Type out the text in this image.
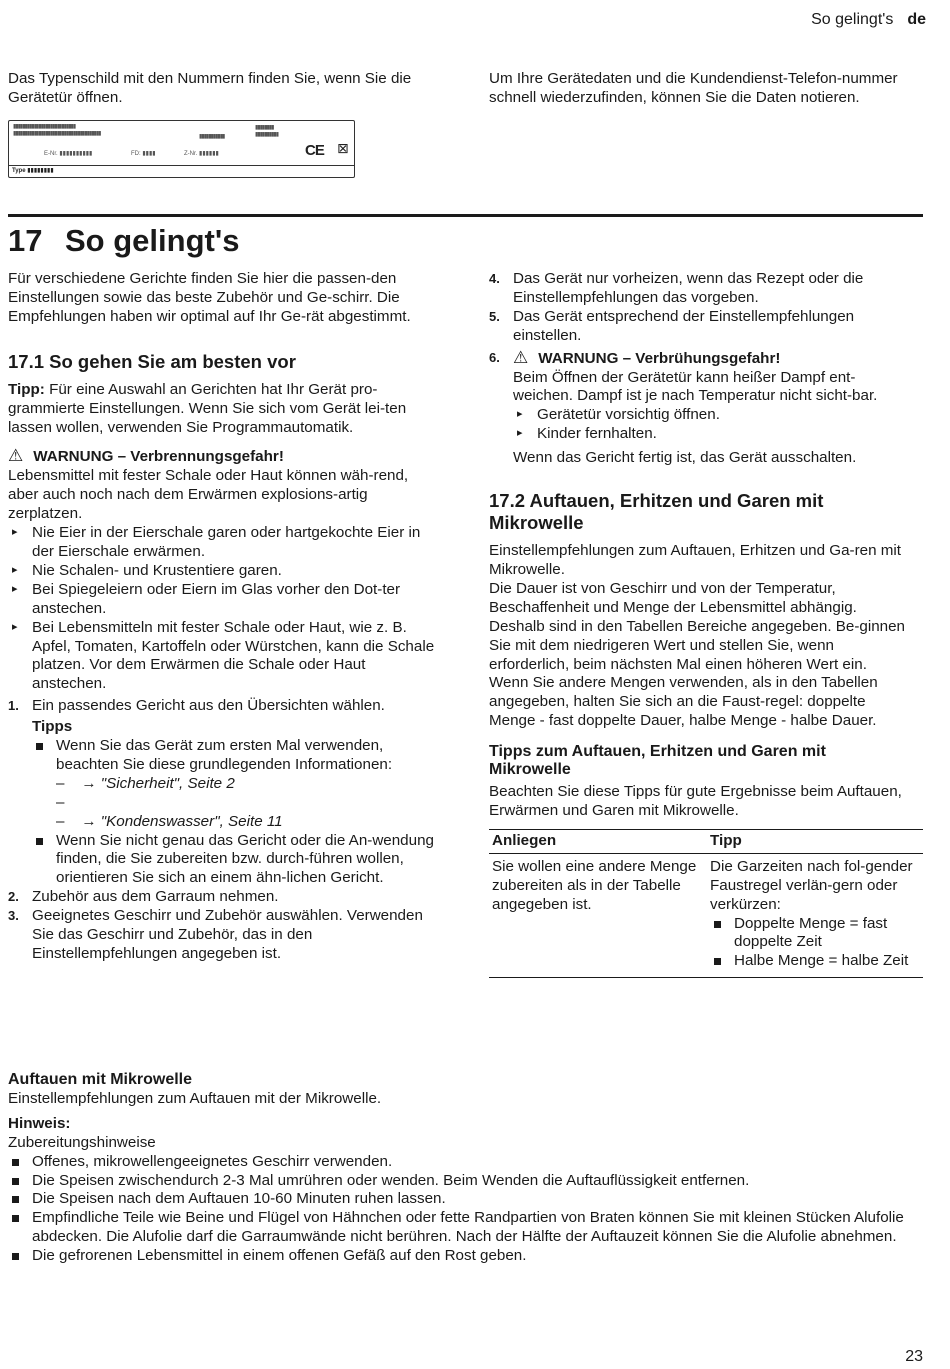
So gelingt's de

Das Typenschild mit den Nummern finden Sie, wenn Sie die Gerätetür öffnen.

Um Ihre Gerätedaten und die Kundendienst-Telefon-nummer schnell wiederzufinden, können Sie die Daten notieren.

▮▮▮▮▮▮▮▮▮▮▮▮▮▮▮▮▮▮▮▮▮▮▮▮▮▮▮
▮▮▮▮▮▮▮▮▮▮▮▮▮▮▮▮▮▮▮▮▮▮▮▮▮▮▮▮▮▮▮▮▮▮▮▮▮▮	▮▮▮▮▮▮▮▮▮▮▮
▮▮▮▮▮▮▮▮
▮▮▮▮▮▮▮▮▮▮
E-Nr. ▮▮▮▮▮▮▮▮▮▮	FD: ▮▮▮▮	Z-Nr. ▮▮▮▮▮▮	CE ⊠
Type ▮▮▮▮▮▮▮▮
17 So gelingt's

Für verschiedene Gerichte finden Sie hier die passen-den Einstellungen sowie das beste Zubehör und Ge-schirr. Die Empfehlungen haben wir optimal auf Ihr Ge-rät abgestimmt.

17.1 So gehen Sie am besten vor

Tipp: Für eine Auswahl an Gerichten hat Ihr Gerät pro-grammierte Einstellungen. Wenn Sie sich vom Gerät lei-ten lassen wollen, verwenden Sie Programmautomatik.

⚠ WARNUNG – Verbrennungsgefahr!

Lebensmittel mit fester Schale oder Haut können wäh-rend, aber auch noch nach dem Erwärmen explosions-artig zerplatzen.

▸ Nie Eier in der Eierschale garen oder hartgekochte Eier in der Eierschale erwärmen.

▸ Nie Schalen- und Krustentiere garen.

▸ Bei Spiegeleiern oder Eiern im Glas vorher den Dot-ter anstechen.

▸ Bei Lebensmitteln mit fester Schale oder Haut, wie z. B. Apfel, Tomaten, Kartoffeln oder Würstchen, kann die Schale platzen. Vor dem Erwärmen die Schale oder Haut anstechen.

1. Ein passendes Gericht aus den Übersichten wählen.

Tipps

Wenn Sie das Gerät zum ersten Mal verwenden, beachten Sie diese grundlegenden Informationen:

–    → "Sicherheit", Seite 2

–

–    → "Kondenswasser", Seite 11

Wenn Sie nicht genau das Gericht oder die An-wendung finden, die Sie zubereiten bzw. durch-führen wollen, orientieren Sie sich an einem ähn-lichen Gericht.

2. Zubehör aus dem Garraum nehmen.

3. Geeignetes Geschirr und Zubehör auswählen. Verwenden Sie das Geschirr und Zubehör, das in den Einstellempfehlungen angegeben ist.

4. Das Gerät nur vorheizen, wenn das Rezept oder die Einstellempfehlungen das vorgeben.

5. Das Gerät entsprechend der Einstellempfehlungen einstellen.

6. ⚠ WARNUNG – Verbrühungsgefahr!

Beim Öffnen der Gerätetür kann heißer Dampf ent-weichen. Dampf ist je nach Temperatur nicht sicht-bar.

▸ Gerätetür vorsichtig öffnen.

▸ Kinder fernhalten.

Wenn das Gericht fertig ist, das Gerät ausschalten.

17.2 Auftauen, Erhitzen und Garen mit Mikrowelle

Einstellempfehlungen zum Auftauen, Erhitzen und Ga-ren mit Mikrowelle.

Die Dauer ist von Geschirr und von der Temperatur, Beschaffenheit und Menge der Lebensmittel abhängig. Deshalb sind in den Tabellen Bereiche angegeben. Be-ginnen Sie mit dem niedrigeren Wert und stellen Sie, wenn erforderlich, beim nächsten Mal einen höheren Wert ein. Wenn Sie andere Mengen verwenden, als in den Tabellen angegeben, halten Sie sich an die Faust-regel: doppelte Menge - fast doppelte Dauer, halbe Menge - halbe Dauer.

Tipps zum Auftauen, Erhitzen und Garen mit Mikrowelle

Beachten Sie diese Tipps für gute Ergebnisse beim Auftauen, Erwärmen und Garen mit Mikrowelle.

Anliegen	Tipp
Sie wollen eine andere Menge zubereiten als in der Tabelle angegeben ist.	Die Garzeiten nach fol-gender Faustregel verlän-gern oder verkürzen:

Doppelte Menge = fast doppelte Zeit

Halbe Menge = halbe Zeit

Auftauen mit Mikrowelle

Einstellempfehlungen zum Auftauen mit der Mikrowelle.

Hinweis:

Zubereitungshinweise

Offenes, mikrowellengeeignetes Geschirr verwenden.

Die Speisen zwischendurch 2-3 Mal umrühren oder wenden. Beim Wenden die Auftauflüssigkeit entfernen.

Die Speisen nach dem Auftauen 10-60 Minuten ruhen lassen.

Empfindliche Teile wie Beine und Flügel von Hähnchen oder fette Randpartien von Braten können Sie mit kleinen Stücken Alufolie abdecken. Die Alufolie darf die Garraumwände nicht berühren. Nach der Hälfte der Auftauzeit können Sie die Alufolie abnehmen.

Die gefrorenen Lebensmittel in einem offenen Gefäß auf den Rost geben.

23
